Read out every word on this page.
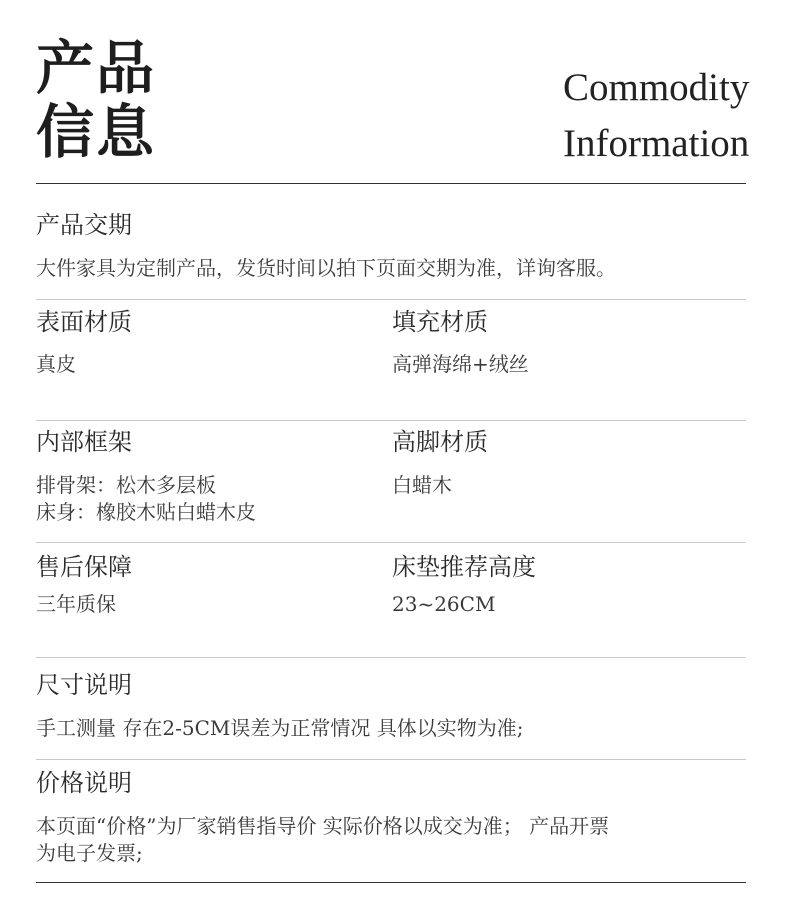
产品
信息
Commodity
Information
产品交期

大件家具为定制产品，发货时间以拍下页面交期为准，详询客服。

表面材质

真皮

填充材质

高弹海绵+绒丝

内部框架

排骨架：松木多层板

床身：橡胶木贴白蜡木皮

高脚材质

白蜡木

售后保障

三年质保

床垫推荐高度

23~26CM

尺寸说明

手工测量 存在2-5CM误差为正常情况 具体以实物为准;

价格说明

本页面“价格”为厂家销售指导价 实际价格以成交为准； 产品开票

为电子发票;
